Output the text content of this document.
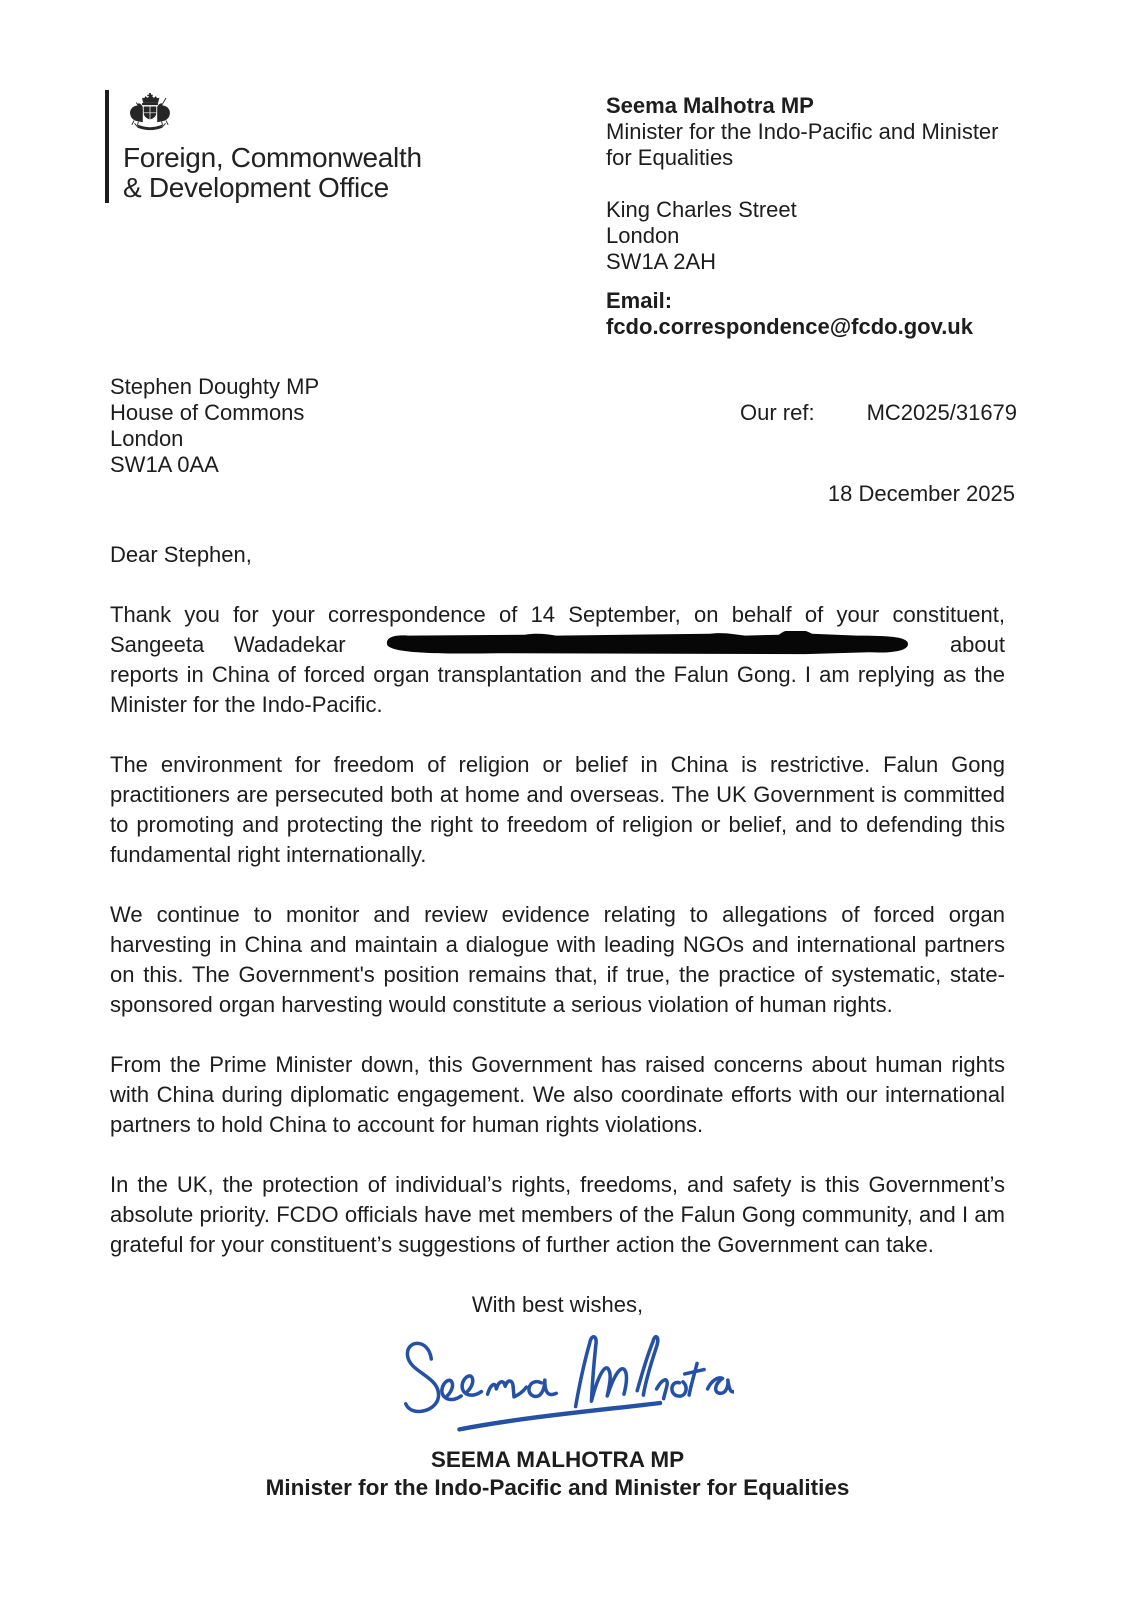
Foreign, Commonwealth
& Development Office
Seema Malhotra MP
Minister for the Indo-Pacific and Minister for Equalities
King Charles Street
London
SW1A 2AH
Email:
fcdo.correspondence@fcdo.gov.uk
Stephen Doughty MP
House of Commons
London
SW1A 0AA
Our ref: MC2025/31679
18 December 2025

Dear Stephen,

Thank you for your correspondence of 14 September, on behalf of your constituent, Sangeeta Wadadekar	about reports in China of forced organ transplantation and the Falun Gong. I am replying as the Minister for the Indo-Pacific.

The environment for freedom of religion or belief in China is restrictive. Falun Gong practitioners are persecuted both at home and overseas. The UK Government is committed to promoting and protecting the right to freedom of religion or belief, and to defending this fundamental right internationally.

We continue to monitor and review evidence relating to allegations of forced organ harvesting in China and maintain a dialogue with leading NGOs and international partners on this. The Government's position remains that, if true, the practice of systematic, state-sponsored organ harvesting would constitute a serious violation of human rights.

From the Prime Minister down, this Government has raised concerns about human rights with China during diplomatic engagement. We also coordinate efforts with our international partners to hold China to account for human rights violations.

In the UK, the protection of individual’s rights, freedoms, and safety is this Government’s absolute priority. FCDO officials have met members of the Falun Gong community, and I am grateful for your constituent’s suggestions of further action the Government can take.

With best wishes,
SEEMA MALHOTRA MP
Minister for the Indo-Pacific and Minister for Equalities
